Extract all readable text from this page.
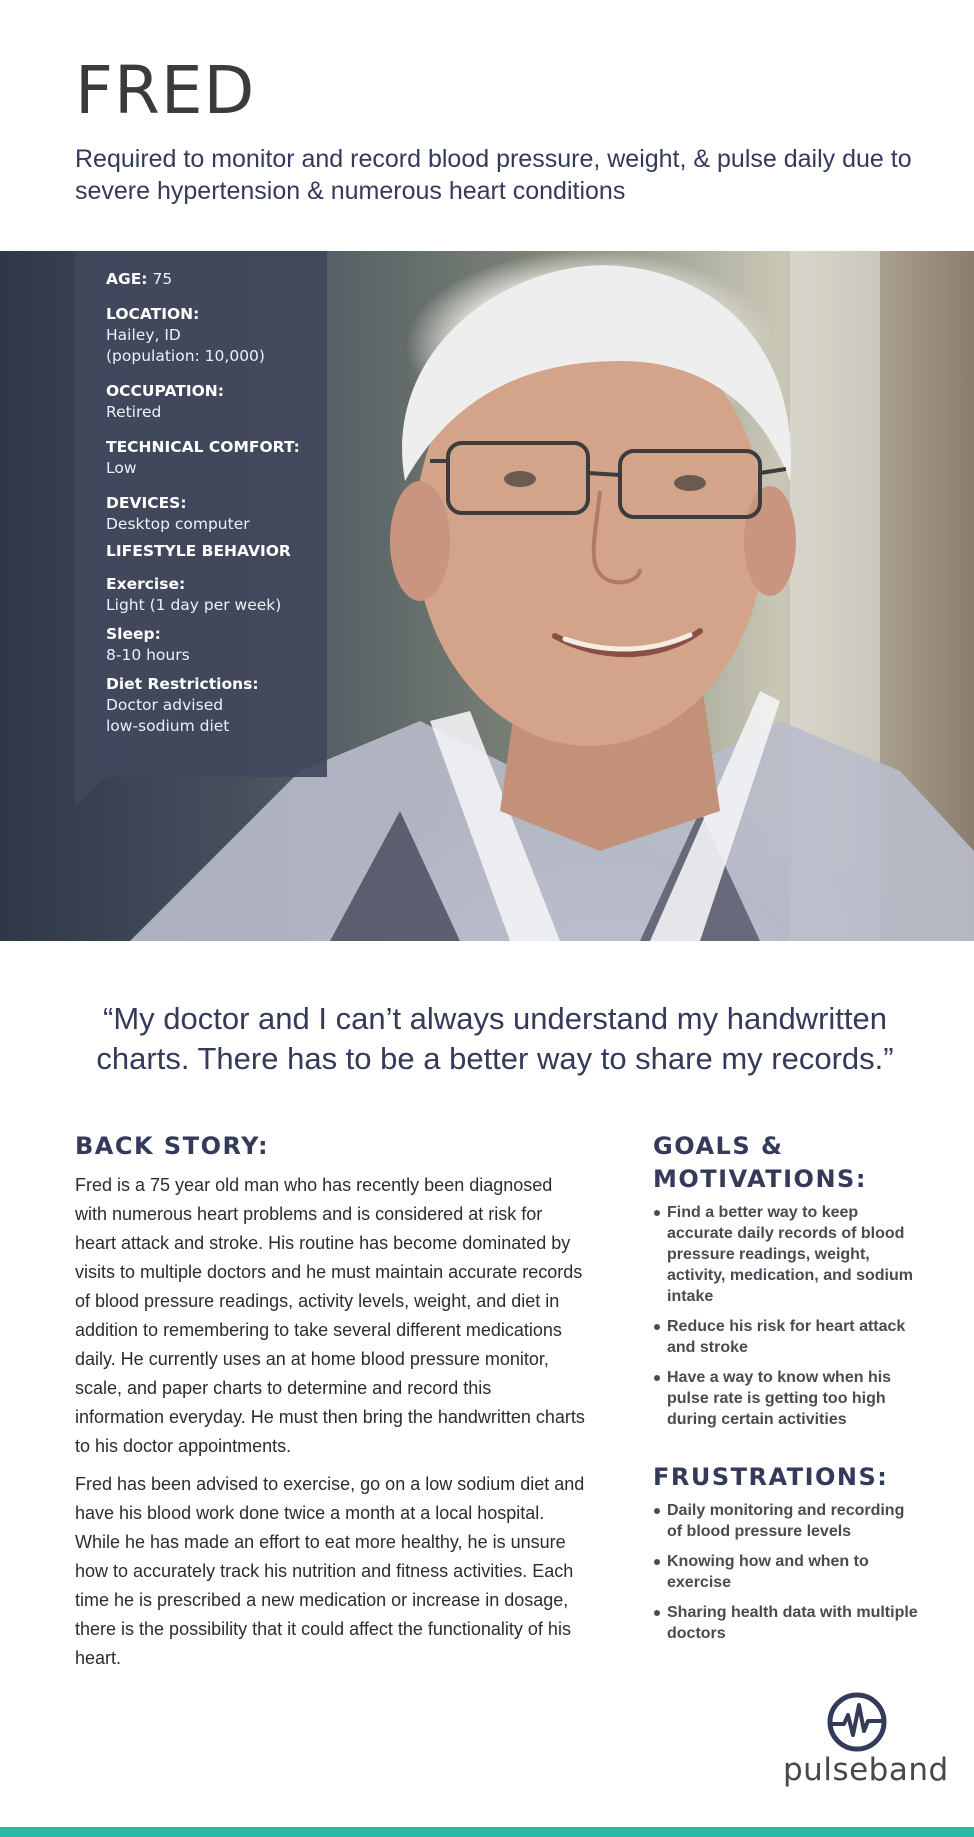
FRED

Required to monitor and record blood pressure, weight, & pulse daily due to severe hypertension & numerous heart conditions

AGE: 75
LOCATION:
Hailey, ID
(population: 10,000)
OCCUPATION:
Retired
TECHNICAL COMFORT:
Low
DEVICES:
Desktop computer
LIFESTYLE BEHAVIOR
Exercise:
Light (1 day per week)
Sleep:
8-10 hours
Diet Restrictions:
Doctor advised
low-sodium diet

“My doctor and I can’t always understand my handwritten charts. There has to be a better way to share my records.”

BACK STORY:

Fred is a 75 year old man who has recently been diagnosed with numerous heart problems and is considered at risk for heart attack and stroke. His routine has become dominated by visits to multiple doctors and he must maintain accurate records of blood pressure readings, activity levels, weight, and diet in addition to remembering to take several different medications daily. He currently uses an at home blood pressure monitor, scale, and paper charts to determine and record this information everyday. He must then bring the handwritten charts to his doctor appointments.

Fred has been advised to exercise, go on a low sodium diet and have his blood work done twice a month at a local hospital. While he has made an effort to eat more healthy, he is unsure how to accurately track his nutrition and fitness activities. Each time he is prescribed a new medication or increase in dosage, there is the possibility that it could affect the functionality of his heart.

GOALS & MOTIVATIONS:
Find a better way to keep accurate daily records of blood pressure readings, weight, activity, medication, and sodium intake
Reduce his risk for heart attack and stroke
Have a way to know when his pulse rate is getting too high during certain activities
FRUSTRATIONS:
Daily monitoring and recording of blood pressure levels
Knowing how and when to exercise
Sharing health data with multiple doctors

pulseband
